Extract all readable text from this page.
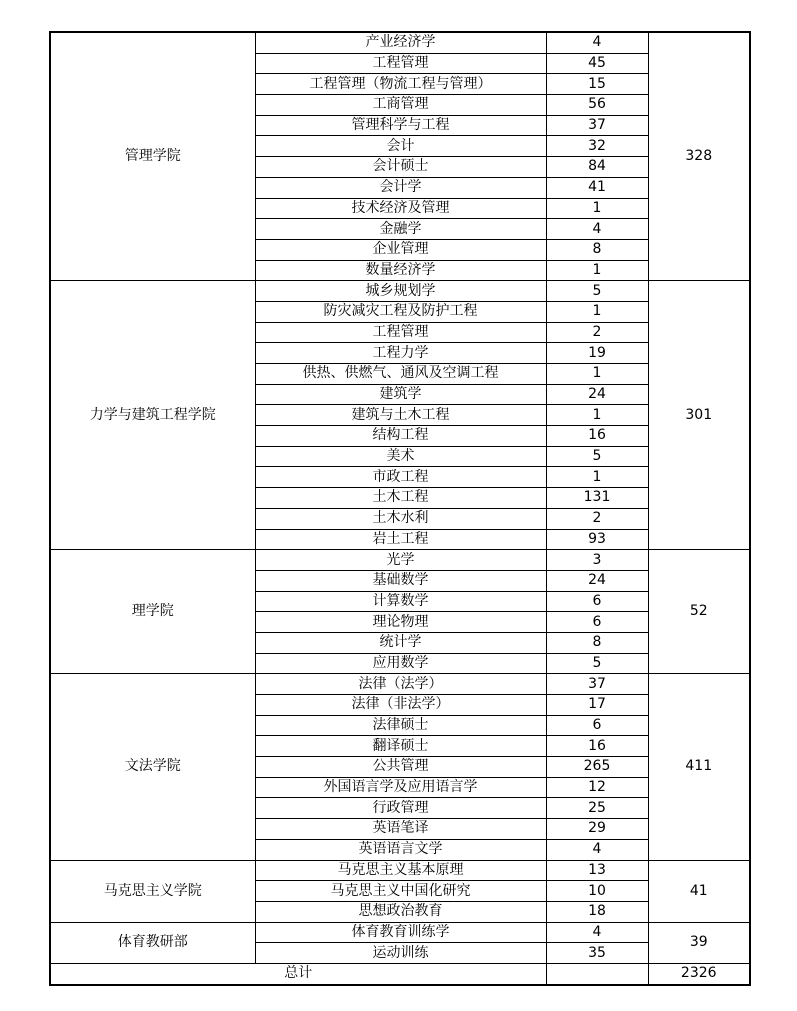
管理学院	产业经济学	4	328
	工程管理	45	
	工程管理（物流工程与管理）	15	
	工商管理	56	
	管理科学与工程	37	
	会计	32	
	会计硕士	84	
	会计学	41	
	技术经济及管理	1	
	金融学	4	
	企业管理	8	
	数量经济学	1	
力学与建筑工程学院	城乡规划学	5	301
	防灾减灾工程及防护工程	1	
	工程管理	2	
	工程力学	19	
	供热、供燃气、通风及空调工程	1	
	建筑学	24	
	建筑与土木工程	1	
	结构工程	16	
	美术	5	
	市政工程	1	
	土木工程	131	
	土木水利	2	
	岩土工程	93	
理学院	光学	3	52
	基础数学	24	
	计算数学	6	
	理论物理	6	
	统计学	8	
	应用数学	5	
文法学院	法律（法学）	37	411
	法律（非法学）	17	
	法律硕士	6	
	翻译硕士	16	
	公共管理	265	
	外国语言学及应用语言学	12	
	行政管理	25	
	英语笔译	29	
	英语语言文学	4	
马克思主义学院	马克思主义基本原理	13	41
	马克思主义中国化研究	10	
	思想政治教育	18	
体育教研部	体育教育训练学	4	39
	运动训练	35	
总计			2326
